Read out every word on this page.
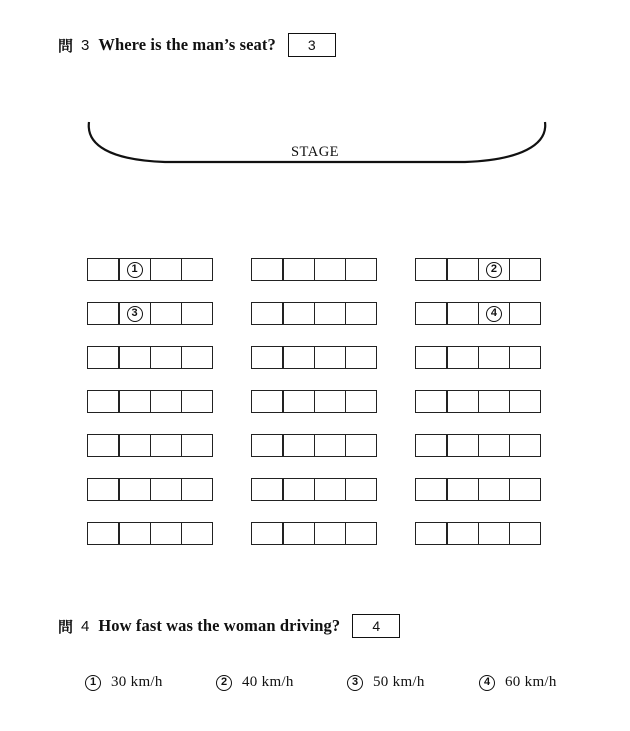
問 3 Where is the man’s seat?	3
STAGE
1	2
3	4
問 4 How fast was the woman driving?	4
1 30 km/h	2 40 km/h	3 50 km/h	4 60 km/h
